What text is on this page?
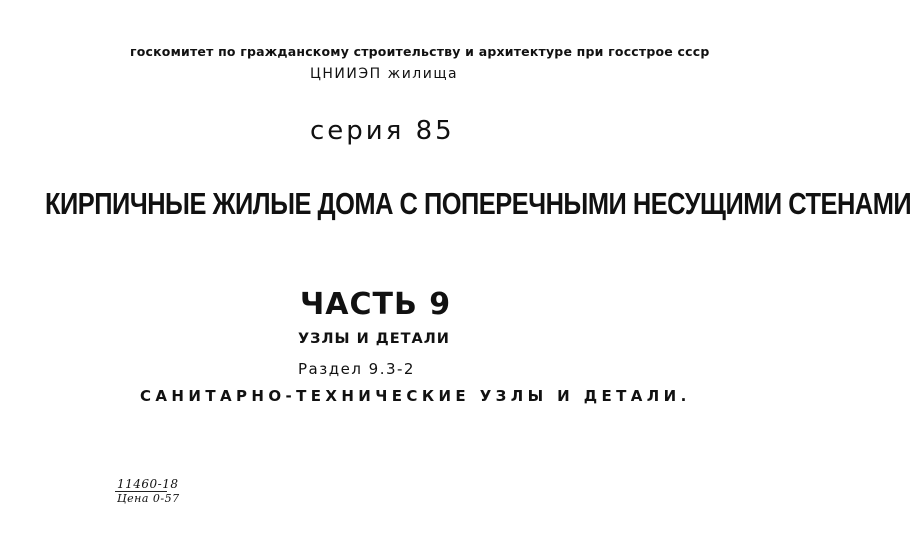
госкомитет по гражданскому строительству и архитектуре при госстрое ссср
ЦНИИЭП жилища
серия 85
КИРПИЧНЫЕ ЖИЛЫЕ ДОМА С ПОПЕРЕЧНЫМИ НЕСУЩИМИ СТЕНАМИ
ЧАСТЬ 9
УЗЛЫ И ДЕТАЛИ
Раздел 9.3-2
САНИТАРНО-ТЕХНИЧЕСКИЕ УЗЛЫ И ДЕТАЛИ.
11460-18
Цена 0-57
